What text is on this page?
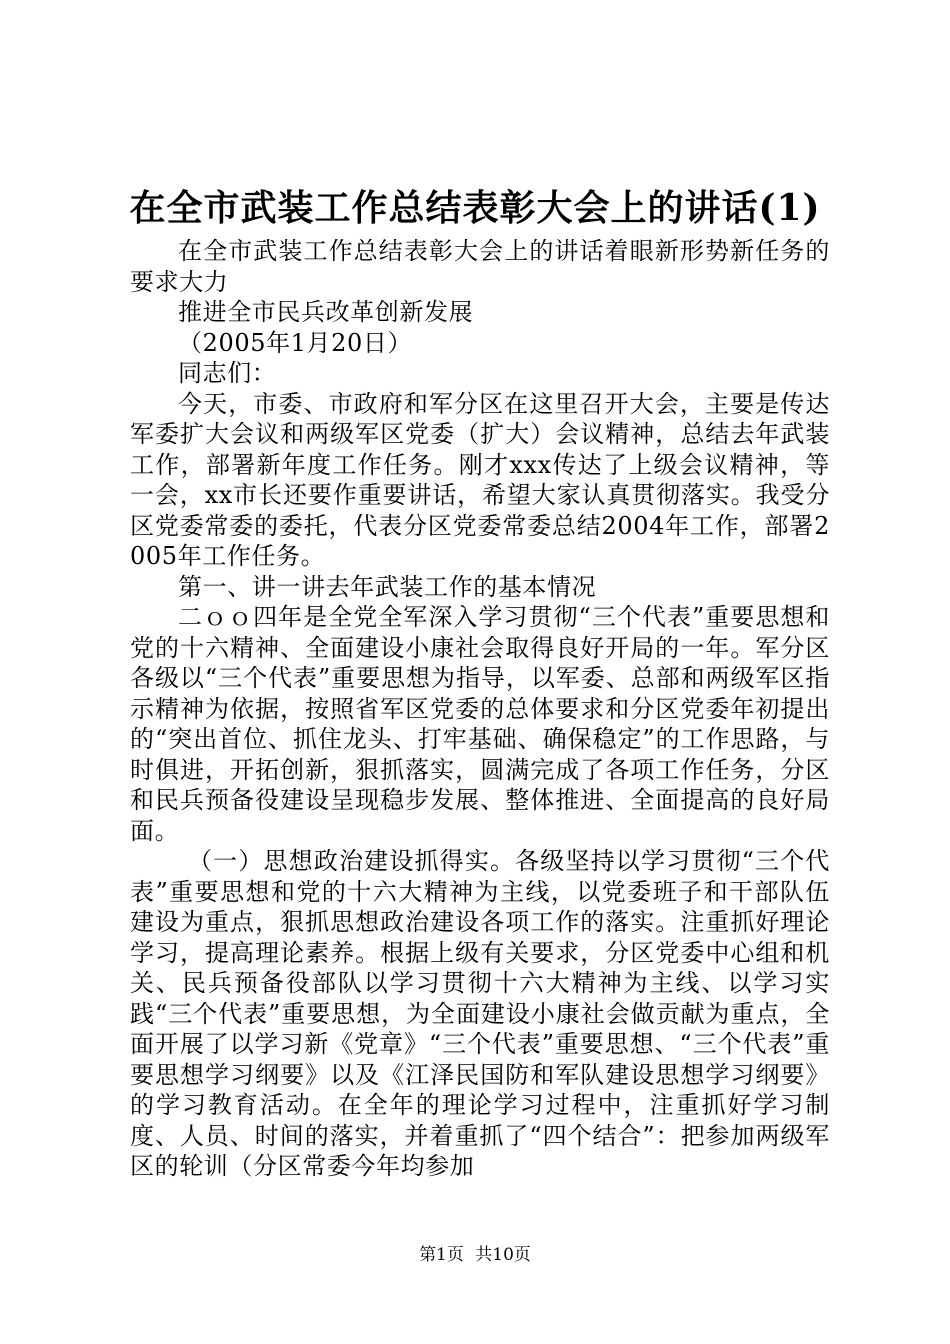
在全市武装工作总结表彰大会上的讲话(1)

在全市武装工作总结表彰大会上的讲话着眼新形势新任务的要求大力

推进全市民兵改革创新发展

（2005年1月20日）

同志们：

今天，市委、市政府和军分区在这里召开大会，主要是传达军委扩大会议和两级军区党委（扩大）会议精神，总结去年武装工作，部署新年度工作任务。刚才xxx传达了上级会议精神，等一会，xx市长还要作重要讲话，希望大家认真贯彻落实。我受分区党委常委的委托，代表分区党委常委总结2004年工作，部署2005年工作任务。

第一、讲一讲去年武装工作的基本情况

二ｏｏ四年是全党全军深入学习贯彻“三个代表”重要思想和党的十六精神、全面建设小康社会取得良好开局的一年。军分区各级以“三个代表”重要思想为指导，以军委、总部和两级军区指示精神为依据，按照省军区党委的总体要求和分区党委年初提出的“突出首位、抓住龙头、打牢基础、确保稳定”的工作思路，与时俱进，开拓创新，狠抓落实，圆满完成了各项工作任务，分区和民兵预备役建设呈现稳步发展、整体推进、全面提高的良好局面。

（一）思想政治建设抓得实。各级坚持以学习贯彻“三个代表”重要思想和党的十六大精神为主线，以党委班子和干部队伍建设为重点，狠抓思想政治建设各项工作的落实。注重抓好理论学习，提高理论素养。根据上级有关要求，分区党委中心组和机关、民兵预备役部队以学习贯彻十六大精神为主线、以学习实践“三个代表”重要思想，为全面建设小康社会做贡献为重点，全面开展了以学习新《党章》“三个代表”重要思想、“三个代表”重要思想学习纲要》以及《江泽民国防和军队建设思想学习纲要》的学习教育活动。在全年的理论学习过程中，注重抓好学习制度、人员、时间的落实，并着重抓了“四个结合”：把参加两级军区的轮训（分区常委今年均参加

第1页 共10页
